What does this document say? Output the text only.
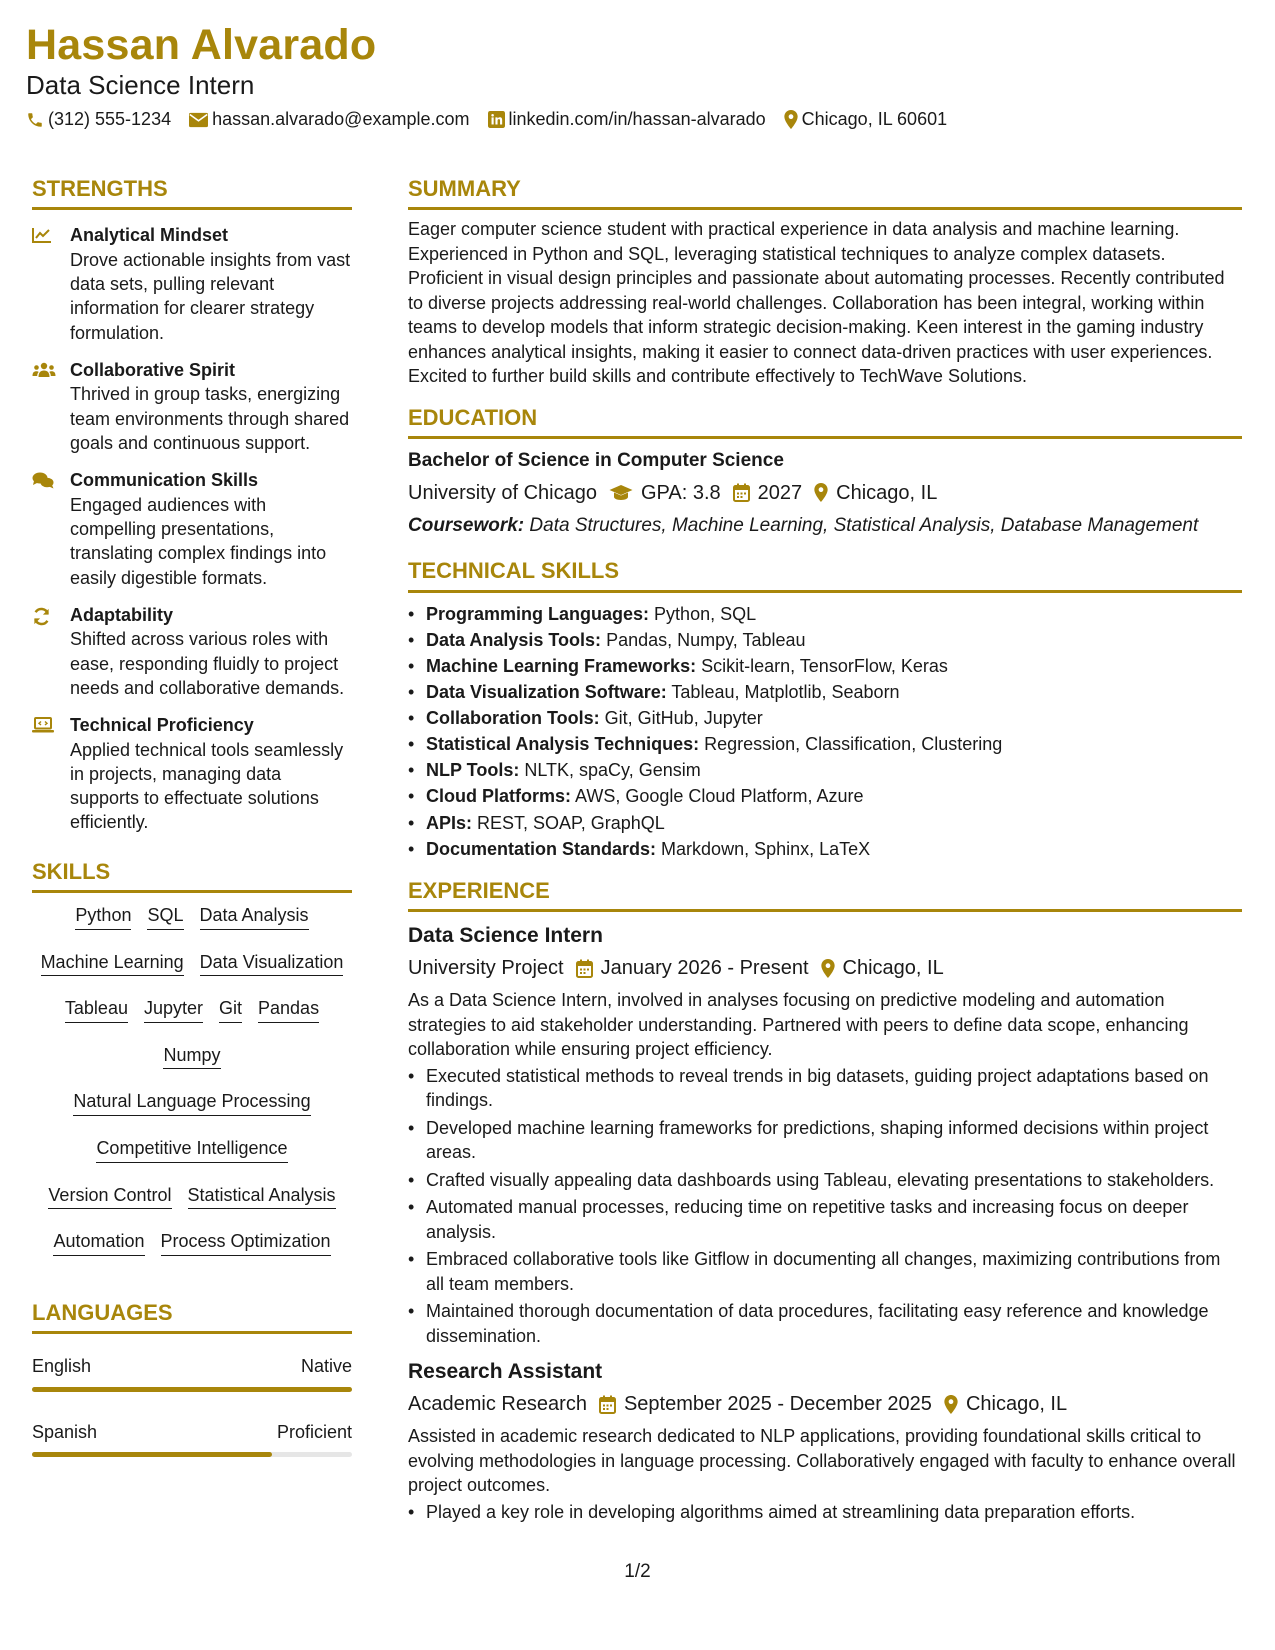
Hassan Alvarado
Data Science Intern
(312) 555-1234 hassan.alvarado@example.com linkedin.com/in/hassan-alvarado Chicago, IL 60601
STRENGTHS
Analytical Mindset
Drove actionable insights from vast data sets, pulling relevant information for clearer strategy formulation.
Collaborative Spirit
Thrived in group tasks, energizing team environments through shared goals and continuous support.
Communication Skills
Engaged audiences with compelling presentations, translating complex findings into easily digestible formats.
Adaptability
Shifted across various roles with ease, responding fluidly to project needs and collaborative demands.
Technical Proficiency
Applied technical tools seamlessly in projects, managing data supports to effectuate solutions efficiently.
SKILLS
Python SQL Data Analysis
Machine Learning Data Visualization
Tableau Jupyter Git Pandas
Numpy
Natural Language Processing
Competitive Intelligence
Version Control Statistical Analysis
Automation Process Optimization
LANGUAGES
English	Native
Spanish	Proficient
SUMMARY
Eager computer science student with practical experience in data analysis and machine learning. Experienced in Python and SQL, leveraging statistical techniques to analyze complex datasets. Proficient in visual design principles and passionate about automating processes. Recently contributed to diverse projects addressing real-world challenges. Collaboration has been integral, working within teams to develop models that inform strategic decision-making. Keen interest in the gaming industry enhances analytical insights, making it easier to connect data-driven practices with user experiences. Excited to further build skills and contribute effectively to TechWave Solutions.
EDUCATION
Bachelor of Science in Computer Science
University of Chicago GPA: 3.8 2027 Chicago, IL
Coursework: Data Structures, Machine Learning, Statistical Analysis, Database Management
TECHNICAL SKILLS
• Programming Languages: Python, SQL
• Data Analysis Tools: Pandas, Numpy, Tableau
• Machine Learning Frameworks: Scikit-learn, TensorFlow, Keras
• Data Visualization Software: Tableau, Matplotlib, Seaborn
• Collaboration Tools: Git, GitHub, Jupyter
• Statistical Analysis Techniques: Regression, Classification, Clustering
• NLP Tools: NLTK, spaCy, Gensim
• Cloud Platforms: AWS, Google Cloud Platform, Azure
• APIs: REST, SOAP, GraphQL
• Documentation Standards: Markdown, Sphinx, LaTeX
EXPERIENCE
Data Science Intern
University Project January 2026 - Present Chicago, IL
As a Data Science Intern, involved in analyses focusing on predictive modeling and automation strategies to aid stakeholder understanding. Partnered with peers to define data scope, enhancing collaboration while ensuring project efficiency.
• Executed statistical methods to reveal trends in big datasets, guiding project adaptations based on findings.
• Developed machine learning frameworks for predictions, shaping informed decisions within project areas.
• Crafted visually appealing data dashboards using Tableau, elevating presentations to stakeholders.
• Automated manual processes, reducing time on repetitive tasks and increasing focus on deeper analysis.
• Embraced collaborative tools like Gitflow in documenting all changes, maximizing contributions from all team members.
• Maintained thorough documentation of data procedures, facilitating easy reference and knowledge dissemination.
Research Assistant
Academic Research September 2025 - December 2025 Chicago, IL
Assisted in academic research dedicated to NLP applications, providing foundational skills critical to evolving methodologies in language processing. Collaboratively engaged with faculty to enhance overall project outcomes.
• Played a key role in developing algorithms aimed at streamlining data preparation efforts.
1/2
